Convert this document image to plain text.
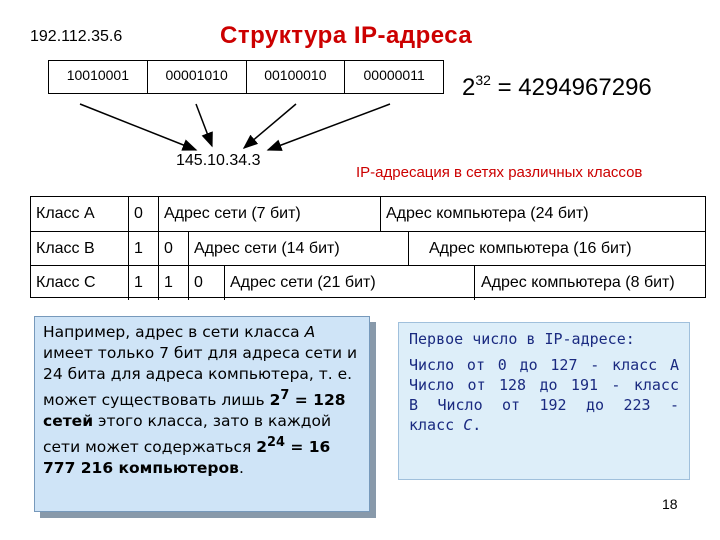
192.112.35.6	Структура IP-адреса
10010001	00001010	00100010	00000011	$2^{32} = 4294967296$
145.10.34.3
IP-адресация в сетях различных классов
Класс А	0	Адрес сети (7 бит)	Адрес компьютера (24 бит)
Класс В	1	0	Адрес сети (14 бит)	Адрес компьютера (16 бит)
Класс С	1	1	0	Адрес сети (21 бит)	Адрес компьютера (8 бит)
Например, адрес в сети класса А имеет только 7 бит для адреса сети и 24 бита для адреса компьютера, т. е. может существовать лишь $2^7 = 128$ сетей этого класса, зато в каждой сети может содержаться $2^{24} = 16$ 777 216 компьютеров.
Первое число в IP-адресе:
Число от 0 до 127 - класс А
Число от 128 до 191 - класс
В Число от 192 до 223 -
класс С.
18
